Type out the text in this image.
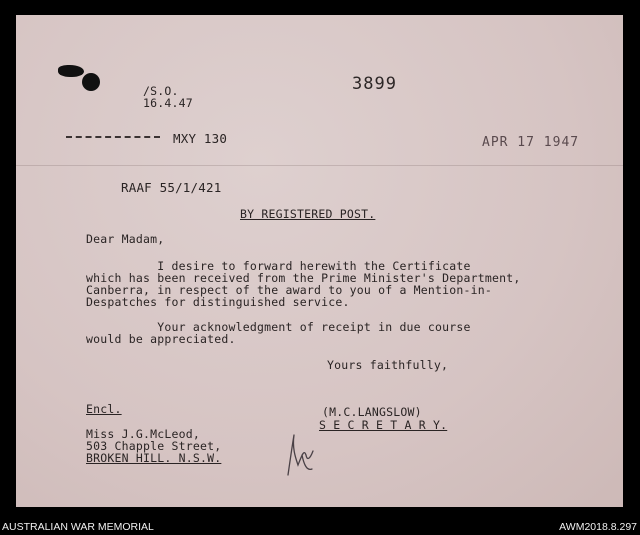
/S.O.
16.4.47
3899
MXY 130	APR 17 1947
RAAF 55/1/421
BY REGISTERED POST.
Dear Madam,
I desire to forward herewith the Certificate
which has been received from the Prime Minister's Department,
Canberra, in respect of the award to you of a Mention-in-
Despatches for distinguished service.
Your acknowledgment of receipt in due course
would be appreciated.
Yours faithfully,
Encl.	(M.C.LANGSLOW)
S E C R E T A R Y.
Miss J.G.McLeod,
503 Chapple Street,
BROKEN HILL. N.S.W.
AUSTRALIAN WAR MEMORIAL	AWM2018.8.297
